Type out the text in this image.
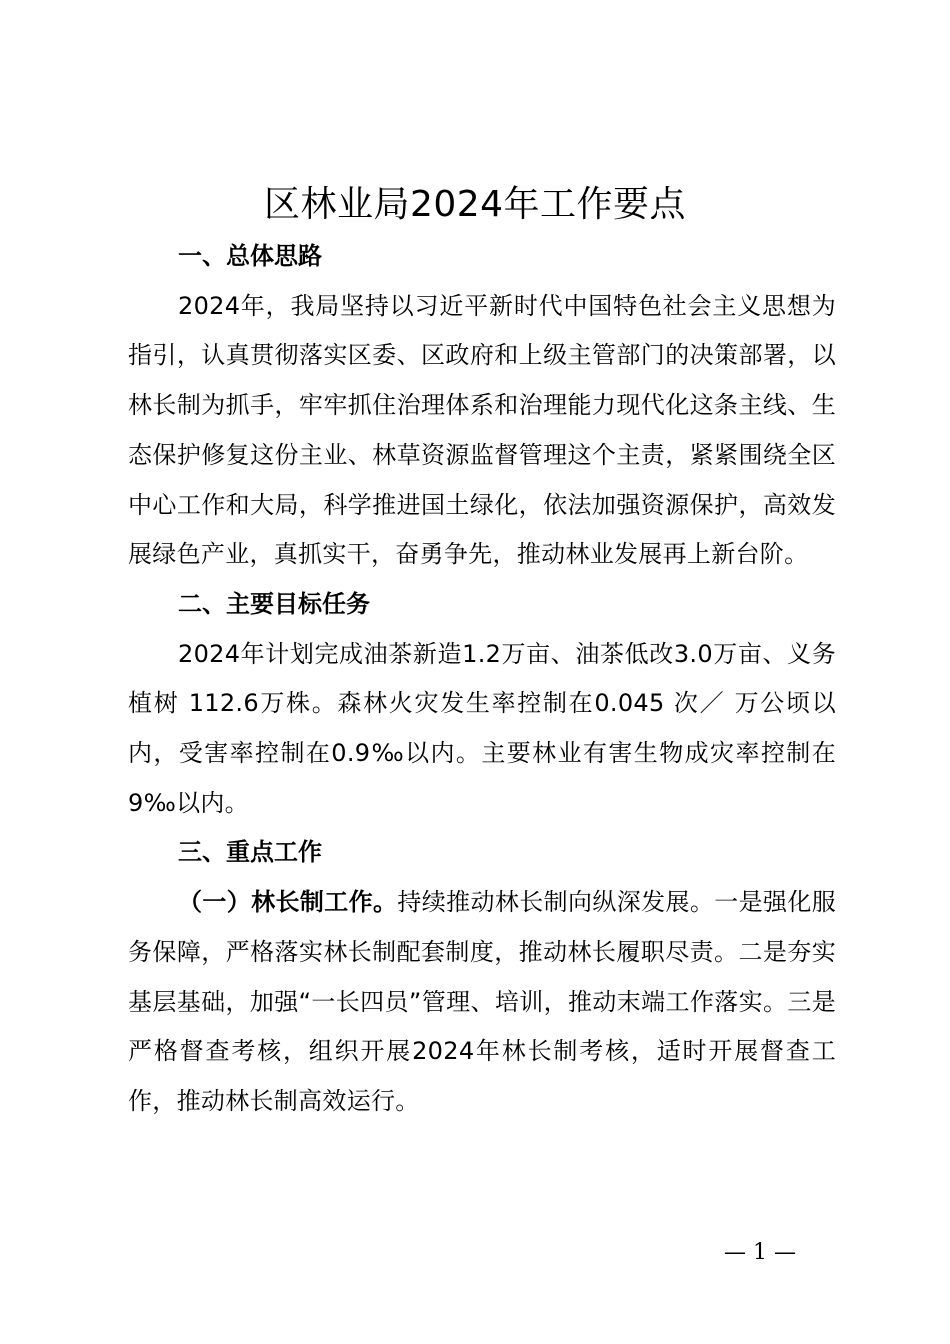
区林业局2024年工作要点

一、总体思路

2024年，我局坚持以习近平新时代中国特色社会主义思想为指引，认真贯彻落实区委、区政府和上级主管部门的决策部署，以林长制为抓手，牢牢抓住治理体系和治理能力现代化这条主线、生态保护修复这份主业、林草资源监督管理这个主责，紧紧围绕全区中心工作和大局，科学推进国土绿化，依法加强资源保护，高效发展绿色产业，真抓实干，奋勇争先，推动林业发展再上新台阶。

二、主要目标任务

2024年计划完成油茶新造1.2万亩、油茶低改3.0万亩、义务植树 112.6万株。森林火灾发生率控制在0.045 次／ 万公顷以内，受害率控制在0.9‰以内。主要林业有害生物成灾率控制在9‰以内。

三、重点工作

（一）林长制工作。持续推动林长制向纵深发展。一是强化服务保障，严格落实林长制配套制度，推动林长履职尽责。二是夯实基层基础，加强“一长四员”管理、培训，推动末端工作落实。三是严格督查考核，组织开展2024年林长制考核，适时开展督查工作，推动林长制高效运行。

— 1 —
